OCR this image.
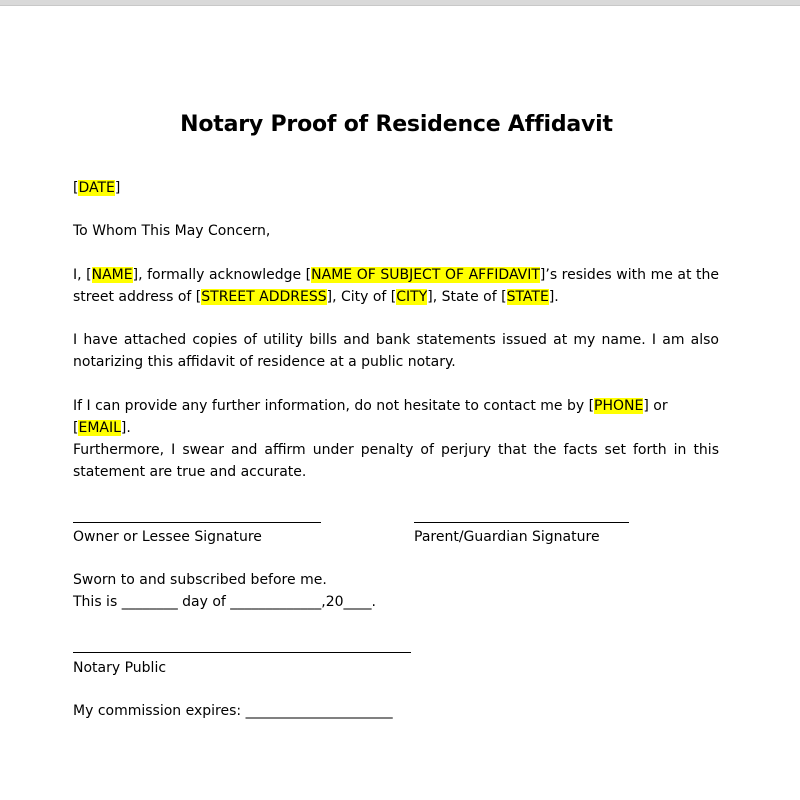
Notary Proof of Residence Affidavit

[DATE]

To Whom This May Concern,

I, [NAME], formally acknowledge [NAME OF SUBJECT OF AFFIDAVIT]’s resides with me at the street address of [STREET ADDRESS], City of [CITY], State of [STATE].

I have attached copies of utility bills and bank statements issued at my name. I am also notarizing this affidavit of residence at a public notary.

If I can provide any further information, do not hesitate to contact me by [PHONE] or [EMAIL].

Furthermore, I swear and affirm under penalty of perjury that the facts set forth in this statement are true and accurate.

Owner or Lessee Signature	Parent/Guardian Signature
Sworn to and subscribed before me.
This is ________ day of _____________,20____.
Notary Public
My commission expires: _____________________
